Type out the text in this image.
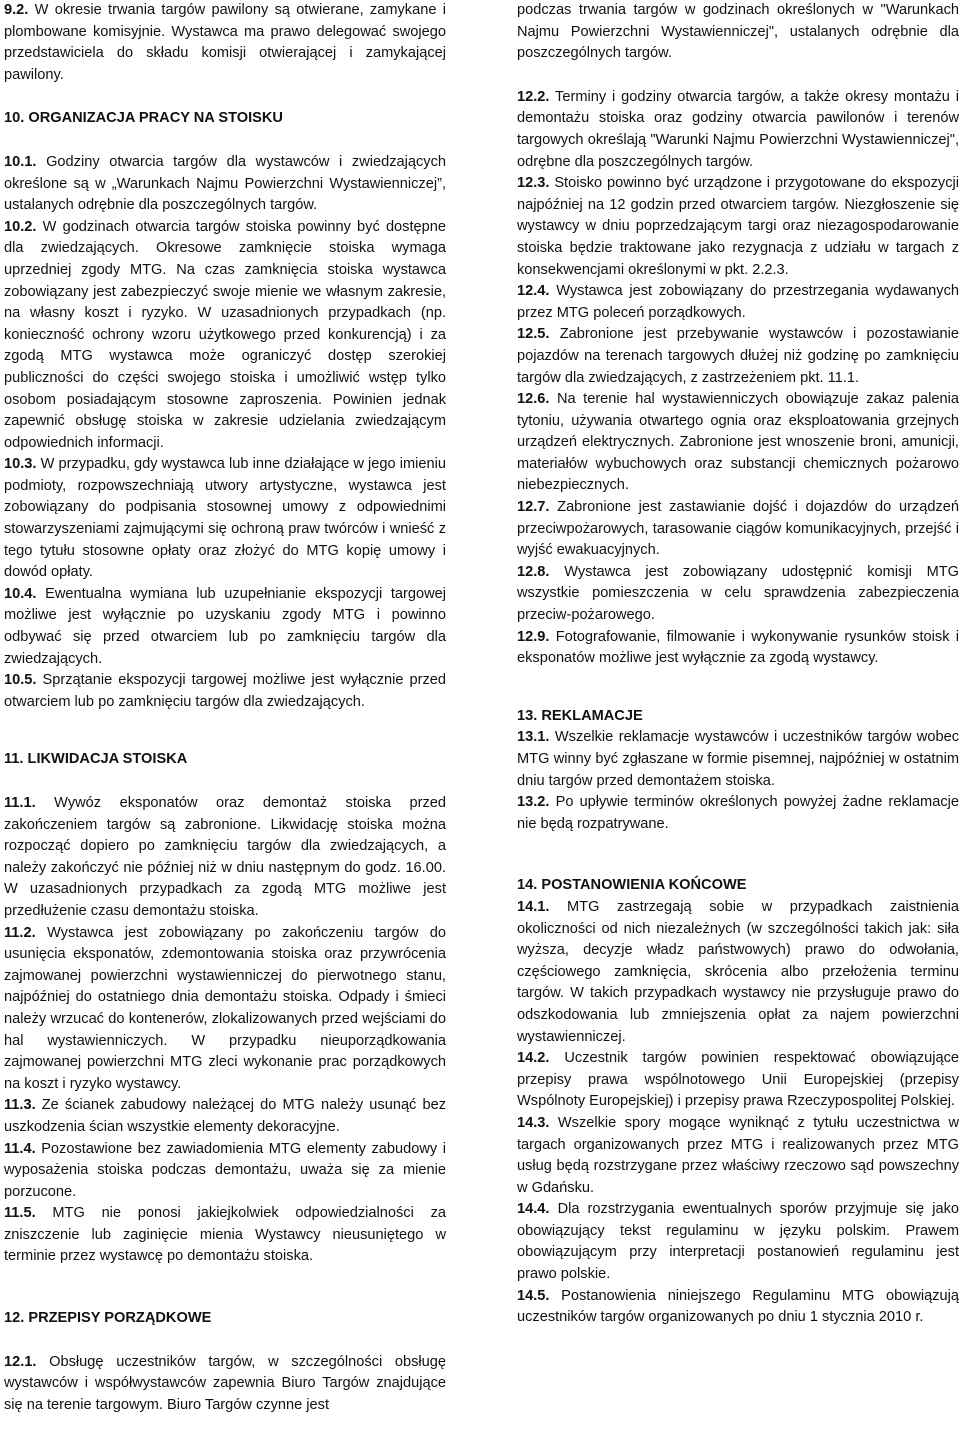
9.2. W okresie trwania targów pawilony są otwierane, zamykane i plombowane komisyjnie. Wystawca ma prawo delegować swojego przedstawiciela do składu komisji otwierającej i zamykającej pawilony.

10. ORGANIZACJA PRACY NA STOISKU

10.1. Godziny otwarcia targów dla wystawców i zwiedzających określone są w „Warunkach Najmu Powierzchni Wystawienniczej”, ustalanych odrębnie dla poszczególnych targów.

10.2. W godzinach otwarcia targów stoiska powinny być dostępne dla zwiedzających. Okresowe zamknięcie stoiska wymaga uprzedniej zgody MTG. Na czas zamknięcia stoiska wystawca zobowiązany jest zabezpieczyć swoje mienie we własnym zakresie, na własny koszt i ryzyko. W uzasadnionych przypadkach (np. konieczność ochrony wzoru użytkowego przed konkurencją) i za zgodą MTG wystawca może ograniczyć dostęp szerokiej publiczności do części swojego stoiska i umożliwić wstęp tylko osobom posiadającym stosowne zaproszenia. Powinien jednak zapewnić obsługę stoiska w zakresie udzielania zwiedzającym odpowiednich informacji.

10.3. W przypadku, gdy wystawca lub inne działające w jego imieniu podmioty, rozpowszechniają utwory artystyczne, wystawca jest zobowiązany do podpisania stosownej umowy z odpowiednimi stowarzyszeniami zajmującymi się ochroną praw twórców i wnieść z tego tytułu stosowne opłaty oraz złożyć do MTG kopię umowy i dowód opłaty.

10.4. Ewentualna wymiana lub uzupełnianie ekspozycji targowej możliwe jest wyłącznie po uzyskaniu zgody MTG i powinno odbywać się przed otwarciem lub po zamknięciu targów dla zwiedzających.

10.5. Sprzątanie ekspozycji targowej możliwe jest wyłącznie przed otwarciem lub po zamknięciu targów dla zwiedzających.

11. LIKWIDACJA STOISKA

11.1. Wywóz eksponatów oraz demontaż stoiska przed zakończeniem targów są zabronione. Likwidację stoiska można rozpocząć dopiero po zamknięciu targów dla zwiedzających, a należy zakończyć nie później niż w dniu następnym do godz. 16.00. W uzasadnionych przypadkach za zgodą MTG możliwe jest przedłużenie czasu demontażu stoiska.

11.2. Wystawca jest zobowiązany po zakończeniu targów do usunięcia eksponatów, zdemontowania stoiska oraz przywrócenia zajmowanej powierzchni wystawienniczej do pierwotnego stanu, najpóźniej do ostatniego dnia demontażu stoiska. Odpady i śmieci należy wrzucać do kontenerów, zlokalizowanych przed wejściami do hal wystawienniczych. W przypadku nieuporządkowania zajmowanej powierzchni MTG zleci wykonanie prac porządkowych na koszt i ryzyko wystawcy.

11.3. Ze ścianek zabudowy należącej do MTG należy usunąć bez uszkodzenia ścian wszystkie elementy dekoracyjne.

11.4. Pozostawione bez zawiadomienia MTG elementy zabudowy i wyposażenia stoiska podczas demontażu, uważa się za mienie porzucone.

11.5. MTG nie ponosi jakiejkolwiek odpowiedzialności za zniszczenie lub zaginięcie mienia Wystawcy nieusuniętego w terminie przez wystawcę po demontażu stoiska.

12. PRZEPISY PORZĄDKOWE

12.1. Obsługę uczestników targów, w szczególności obsługę wystawców i współwystawców zapewnia Biuro Targów znajdujące się na terenie targowym. Biuro Targów czynne jest

podczas trwania targów w godzinach określonych w "Warunkach Najmu Powierzchni Wystawienniczej", ustalanych odrębnie dla poszczególnych targów.

12.2. Terminy i godziny otwarcia targów, a także okresy montażu i demontażu stoiska oraz godziny otwarcia pawilonów i terenów targowych określają "Warunki Najmu Powierzchni Wystawienniczej", odrębne dla poszczególnych targów.

12.3. Stoisko powinno być urządzone i przygotowane do ekspozycji najpóźniej na 12 godzin przed otwarciem targów. Niezgłoszenie się wystawcy w dniu poprzedzającym targi oraz niezagospodarowanie stoiska będzie traktowane jako rezygnacja z udziału w targach z konsekwencjami określonymi w pkt. 2.2.3.

12.4. Wystawca jest zobowiązany do przestrzegania wydawanych przez MTG poleceń porządkowych.

12.5. Zabronione jest przebywanie wystawców i pozostawianie pojazdów na terenach targowych dłużej niż godzinę po zamknięciu targów dla zwiedzających, z zastrzeżeniem pkt. 11.1.

12.6. Na terenie hal wystawienniczych obowiązuje zakaz palenia tytoniu, używania otwartego ognia oraz eksploatowania grzejnych urządzeń elektrycznych. Zabronione jest wnoszenie broni, amunicji, materiałów wybuchowych oraz substancji chemicznych pożarowo niebezpiecznych.

12.7. Zabronione jest zastawianie dojść i dojazdów do urządzeń przeciwpożarowych, tarasowanie ciągów komunikacyjnych, przejść i wyjść ewakuacyjnych.

12.8. Wystawca jest zobowiązany udostępnić komisji MTG wszystkie pomieszczenia w celu sprawdzenia zabezpieczenia przeciw-pożarowego.

12.9. Fotografowanie, filmowanie i wykonywanie rysunków stoisk i eksponatów możliwe jest wyłącznie za zgodą wystawcy.

13. REKLAMACJE

13.1. Wszelkie reklamacje wystawców i uczestników targów wobec MTG winny być zgłaszane w formie pisemnej, najpóźniej w ostatnim dniu targów przed demontażem stoiska.

13.2. Po upływie terminów określonych powyżej żadne reklamacje nie będą rozpatrywane.

14. POSTANOWIENIA KOŃCOWE

14.1. MTG zastrzegają sobie w przypadkach zaistnienia okoliczności od nich niezależnych (w szczególności takich jak: siła wyższa, decyzje władz państwowych) prawo do odwołania, częściowego zamknięcia, skrócenia albo przełożenia terminu targów. W takich przypadkach wystawcy nie przysługuje prawo do odszkodowania lub zmniejszenia opłat za najem powierzchni wystawienniczej.

14.2. Uczestnik targów powinien respektować obowiązujące przepisy prawa wspólnotowego Unii Europejskiej (przepisy Wspólnoty Europejskiej) i przepisy prawa Rzeczypospolitej Polskiej.

14.3. Wszelkie spory mogące wyniknąć z tytułu uczestnictwa w targach organizowanych przez MTG i realizowanych przez MTG usług będą rozstrzygane przez właściwy rzeczowo sąd powszechny w Gdańsku.

14.4. Dla rozstrzygania ewentualnych sporów przyjmuje się jako obowiązujący tekst regulaminu w języku polskim. Prawem obowiązującym przy interpretacji postanowień regulaminu jest prawo polskie.

14.5. Postanowienia niniejszego Regulaminu MTG obowiązują uczestników targów organizowanych po dniu 1 stycznia 2010 r.
